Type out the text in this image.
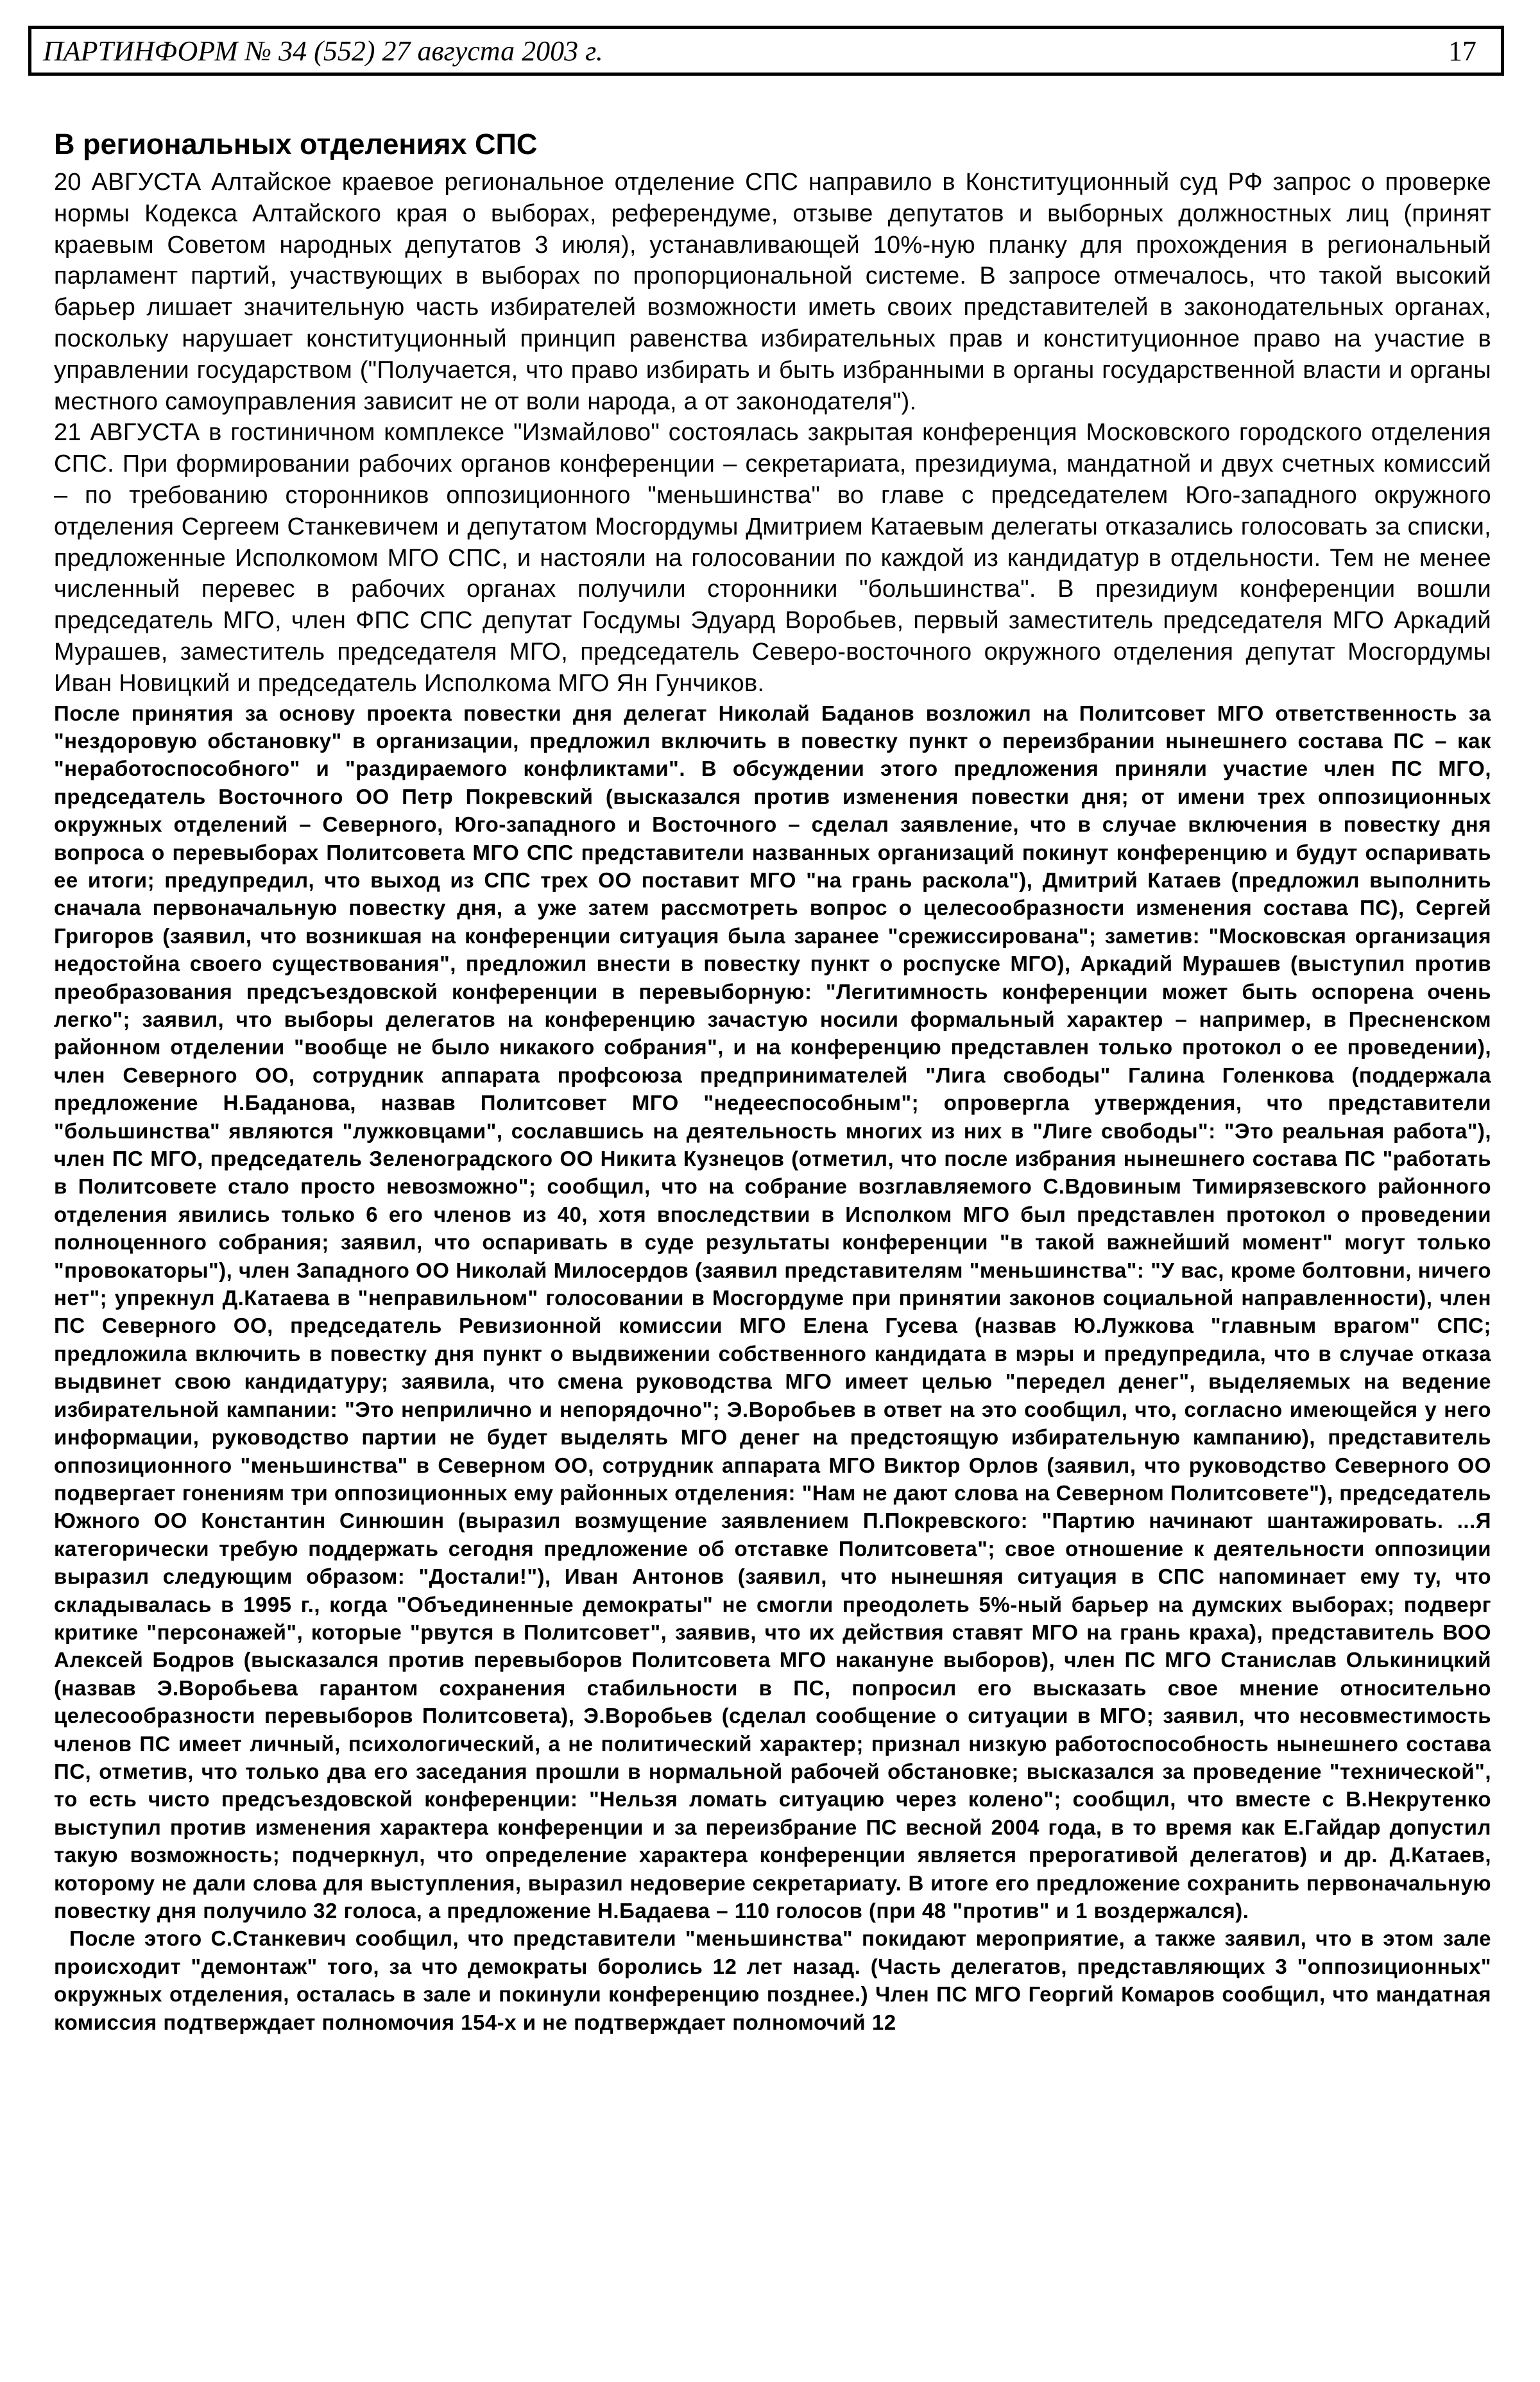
ПАРТИНФОРМ № 34 (552) 27 августа 2003 г.	17
В региональных отделениях СПС

20 АВГУСТА Алтайское краевое региональное отделение СПС направило в Конституционный суд РФ запрос о проверке нормы Кодекса Алтайского края о выборах, референдуме, отзыве депутатов и выборных должностных лиц (принят краевым Советом народных депутатов 3 июля), устанавливающей 10%-ную планку для прохождения в региональный парламент партий, участвующих в выборах по пропорциональной системе. В запросе отмечалось, что такой высокий барьер лишает значительную часть избирателей возможности иметь своих представителей в законодательных органах, поскольку нарушает конституционный принцип равенства избирательных прав и конституционное право на участие в управлении государством ("Получается, что право избирать и быть избранными в органы государственной власти и органы местного самоуправления зависит не от воли народа, а от законодателя").

21 АВГУСТА в гостиничном комплексе "Измайлово" состоялась закрытая конференция Московского городского отделения СПС. При формировании рабочих органов конференции – секретариата, президиума, мандатной и двух счетных комиссий – по требованию сторонников оппозиционного "меньшинства" во главе с председателем Юго-западного окружного отделения Сергеем Станкевичем и депутатом Мосгордумы Дмитрием Катаевым делегаты отказались голосовать за списки, предложенные Исполкомом МГО СПС, и настояли на голосовании по каждой из кандидатур в отдельности. Тем не менее численный перевес в рабочих органах получили сторонники "большинства". В президиум конференции вошли председатель МГО, член ФПС СПС депутат Госдумы Эдуард Воробьев, первый заместитель председателя МГО Аркадий Мурашев, заместитель председателя МГО, председатель Северо-восточного окружного отделения депутат Мосгордумы Иван Новицкий и председатель Исполкома МГО Ян Гунчиков.

После принятия за основу проекта повестки дня делегат Николай Баданов возложил на Политсовет МГО ответственность за "нездоровую обстановку" в организации, предложил включить в повестку пункт о переизбрании нынешнего состава ПС – как "неработоспособного" и "раздираемого конфликтами". В обсуждении этого предложения приняли участие член ПС МГО, председатель Восточного ОО Петр Покревский (высказался против изменения повестки дня; от имени трех оппозиционных окружных отделений – Северного, Юго-западного и Восточного – сделал заявление, что в случае включения в повестку дня вопроса о перевыборах Политсовета МГО СПС представители названных организаций покинут конференцию и будут оспаривать ее итоги; предупредил, что выход из СПС трех ОО поставит МГО "на грань раскола"), Дмитрий Катаев (предложил выполнить сначала первоначальную повестку дня, а уже затем рассмотреть вопрос о целесообразности изменения состава ПС), Сергей Григоров (заявил, что возникшая на конференции ситуация была заранее "срежиссирована"; заметив: "Московская организация недостойна своего существования", предложил внести в повестку пункт о роспуске МГО), Аркадий Мурашев (выступил против преобразования предсъездовской конференции в перевыборную: "Легитимность конференции может быть оспорена очень легко"; заявил, что выборы делегатов на конференцию зачастую носили формальный характер – например, в Пресненском районном отделении "вообще не было никакого собрания", и на конференцию представлен только протокол о ее проведении), член Северного ОО, сотрудник аппарата профсоюза предпринимателей "Лига свободы" Галина Голенкова (поддержала предложение Н.Баданова, назвав Политсовет МГО "недееспособным"; опровергла утверждения, что представители "большинства" являются "лужковцами", сославшись на деятельность многих из них в "Лиге свободы": "Это реальная работа"), член ПС МГО, председатель Зеленоградского ОО Никита Кузнецов (отметил, что после избрания нынешнего состава ПС "работать в Политсовете стало просто невозможно"; сообщил, что на собрание возглавляемого С.Вдовиным Тимирязевского районного отделения явились только 6 его членов из 40, хотя впоследствии в Исполком МГО был представлен протокол о проведении полноценного собрания; заявил, что оспаривать в суде результаты конференции "в такой важнейший момент" могут только "провокаторы"), член Западного ОО Николай Милосердов (заявил представителям "меньшинства": "У вас, кроме болтовни, ничего нет"; упрекнул Д.Катаева в "неправильном" голосовании в Мосгордуме при принятии законов социальной направленности), член ПС Северного ОО, председатель Ревизионной комиссии МГО Елена Гусева (назвав Ю.Лужкова "главным врагом" СПС; предложила включить в повестку дня пункт о выдвижении собственного кандидата в мэры и предупредила, что в случае отказа выдвинет свою кандидатуру; заявила, что смена руководства МГО имеет целью "передел денег", выделяемых на ведение избирательной кампании: "Это неприлично и непорядочно"; Э.Воробьев в ответ на это сообщил, что, согласно имеющейся у него информации, руководство партии не будет выделять МГО денег на предстоящую избирательную кампанию), представитель оппозиционного "меньшинства" в Северном ОО, сотрудник аппарата МГО Виктор Орлов (заявил, что руководство Северного ОО подвергает гонениям три оппозиционных ему районных отделения: "Нам не дают слова на Северном Политсовете"), председатель Южного ОО Константин Синюшин (выразил возмущение заявлением П.Покревского: "Партию начинают шантажировать. ...Я категорически требую поддержать сегодня предложение об отставке Политсовета"; свое отношение к деятельности оппозиции выразил следующим образом: "Достали!"), Иван Антонов (заявил, что нынешняя ситуация в СПС напоминает ему ту, что складывалась в 1995 г., когда "Объединенные демократы" не смогли преодолеть 5%-ный барьер на думских выборах; подверг критике "персонажей", которые "рвутся в Политсовет", заявив, что их действия ставят МГО на грань краха), представитель ВОО Алексей Бодров (высказался против перевыборов Политсовета МГО накануне выборов), член ПС МГО Станислав Олькиницкий (назвав Э.Воробьева гарантом сохранения стабильности в ПС, попросил его высказать свое мнение относительно целесообразности перевыборов Политсовета), Э.Воробьев (сделал сообщение о ситуации в МГО; заявил, что несовместимость членов ПС имеет личный, психологический, а не политический характер; признал низкую работоспособность нынешнего состава ПС, отметив, что только два его заседания прошли в нормальной рабочей обстановке; высказался за проведение "технической", то есть чисто предсъездовской конференции: "Нельзя ломать ситуацию через колено"; сообщил, что вместе с В.Некрутенко выступил против изменения характера конференции и за переизбрание ПС весной 2004 года, в то время как Е.Гайдар допустил такую возможность; подчеркнул, что определение характера конференции является прерогативой делегатов) и др. Д.Катаев, которому не дали слова для выступления, выразил недоверие секретариату. В итоге его предложение сохранить первоначальную повестку дня получило 32 голоса, а предложение Н.Бадаева – 110 голосов (при 48 "против" и 1 воздержался).

После этого С.Станкевич сообщил, что представители "меньшинства" покидают мероприятие, а также заявил, что в этом зале происходит "демонтаж" того, за что демократы боролись 12 лет назад. (Часть делегатов, представляющих 3 "оппозиционных" окружных отделения, осталась в зале и покинули конференцию позднее.) Член ПС МГО Георгий Комаров сообщил, что мандатная комиссия подтверждает полномочия 154-х и не подтверждает полномочий 12
